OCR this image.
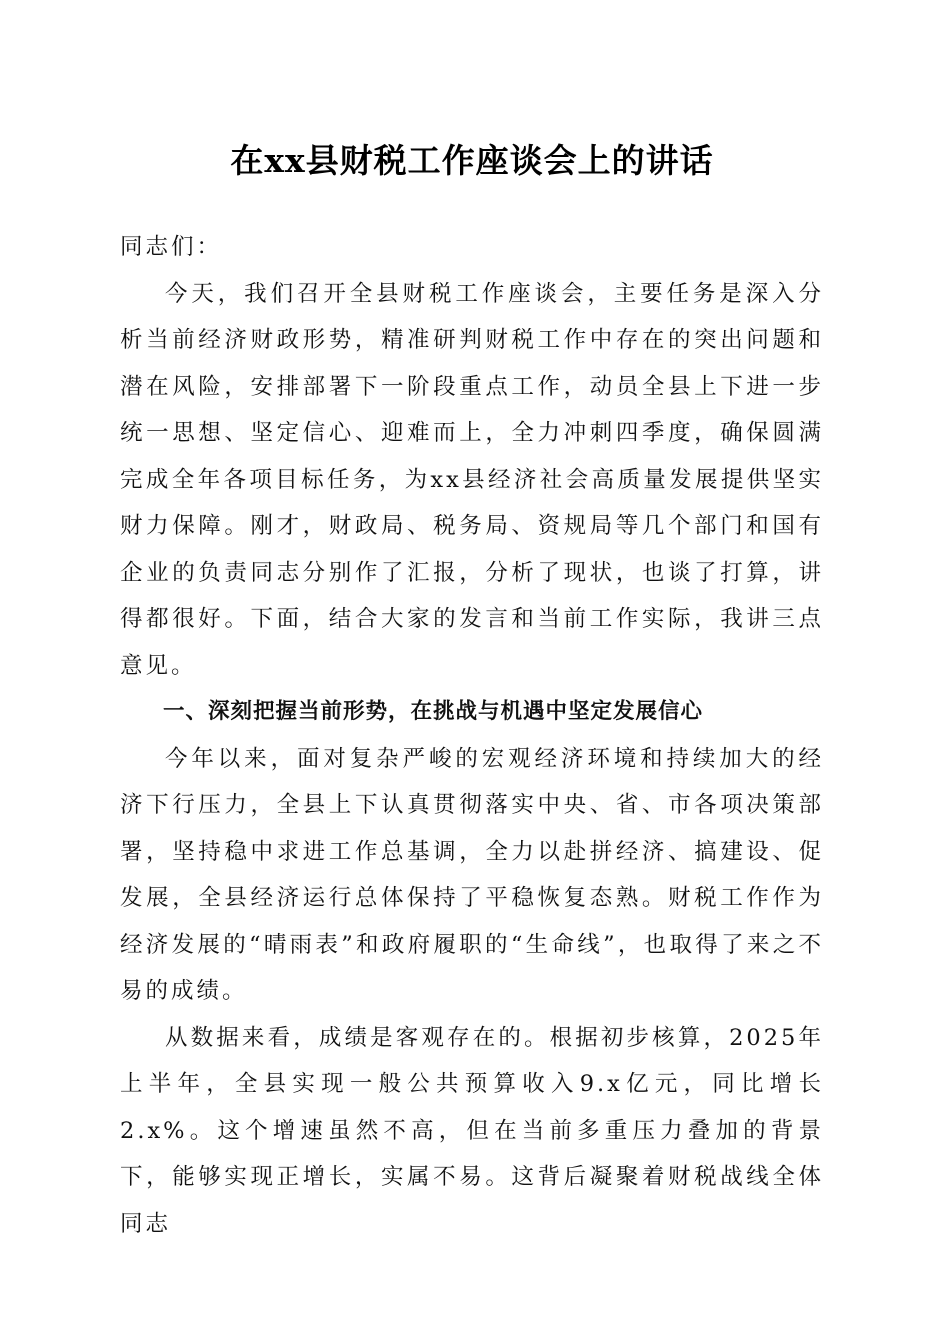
在xx县财税工作座谈会上的讲话

同志们：

今天，我们召开全县财税工作座谈会，主要任务是深入分析当前经济财政形势，精准研判财税工作中存在的突出问题和潜在风险，安排部署下一阶段重点工作，动员全县上下进一步统一思想、坚定信心、迎难而上，全力冲刺四季度，确保圆满完成全年各项目标任务，为xx县经济社会高质量发展提供坚实财力保障。刚才，财政局、税务局、资规局等几个部门和国有企业的负责同志分别作了汇报，分析了现状，也谈了打算，讲得都很好。下面，结合大家的发言和当前工作实际，我讲三点意见。

一、深刻把握当前形势，在挑战与机遇中坚定发展信心

今年以来，面对复杂严峻的宏观经济环境和持续加大的经济下行压力，全县上下认真贯彻落实中央、省、市各项决策部署，坚持稳中求进工作总基调，全力以赴拼经济、搞建设、促发展，全县经济运行总体保持了平稳恢复态熟。财税工作作为经济发展的“晴雨表”和政府履职的“生命线”，也取得了来之不易的成绩。

从数据来看，成绩是客观存在的。根据初步核算，2025年上半年，全县实现一般公共预算收入9.x亿元，同比增长2.x%。这个增速虽然不高，但在当前多重压力叠加的背景下，能够实现正增长，实属不易。这背后凝聚着财税战线全体同志
